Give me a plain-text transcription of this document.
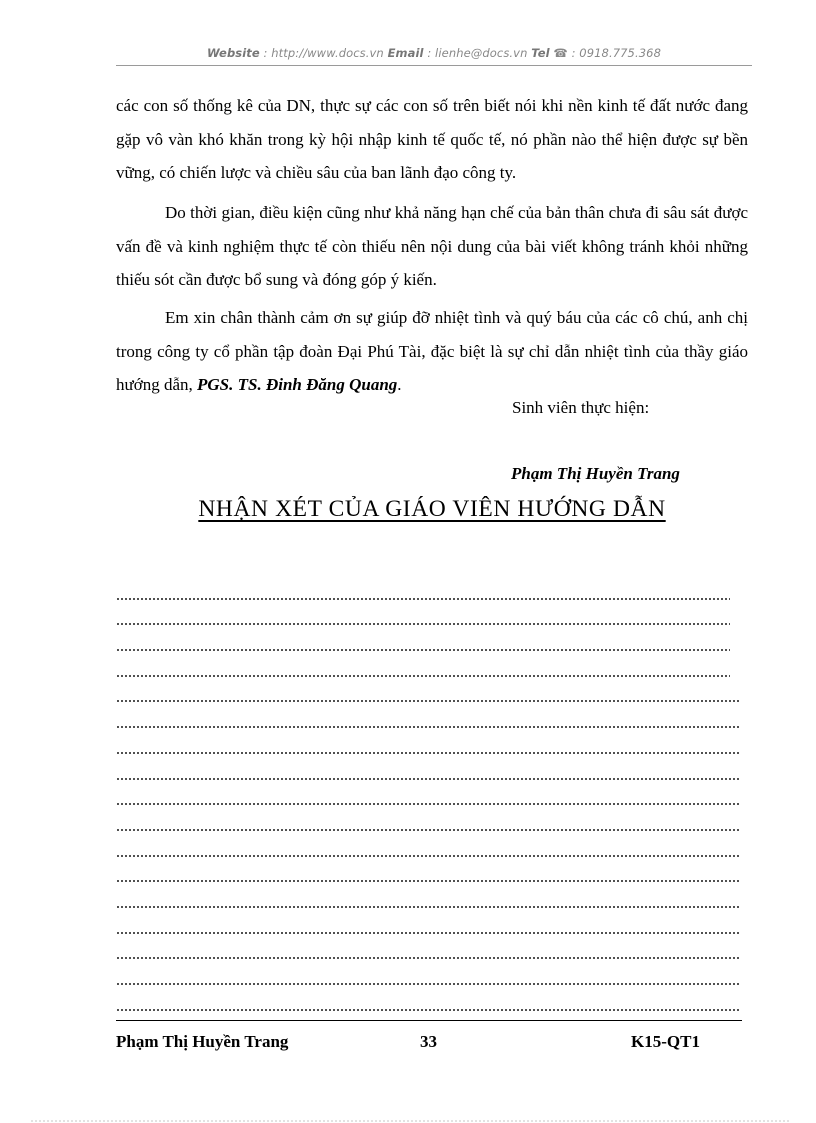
Website : http://www.docs.vn Email : lienhe@docs.vn Tel ☎ : 0918.775.368

các con số thống kê của DN, thực sự các con số trên biết nói khi nền kinh tế đất nước đang gặp vô vàn khó khăn trong kỳ hội nhập kinh tế quốc tế, nó phần nào thể hiện được sự bền vững, có chiến lược và chiều sâu của ban lãnh đạo công ty.

Do thời gian, điều kiện cũng như khả năng hạn chế của bản thân chưa đi sâu sát được vấn đề và kinh nghiệm thực tế còn thiếu nên nội dung của bài viết không tránh khỏi những thiếu sót cần được bổ sung và đóng góp ý kiến.

Em xin chân thành cảm ơn sự giúp đỡ nhiệt tình và quý báu của các cô chú, anh chị trong công ty cổ phần tập đoàn Đại Phú Tài, đặc biệt là sự chỉ dẫn nhiệt tình của thầy giáo hướng dẫn, PGS. TS. Đinh Đăng Quang.

Sinh viên thực hiện:
Phạm Thị Huyền Trang
NHẬN XÉT CỦA GIÁO VIÊN HƯỚNG DẪN
Phạm Thị Huyền Trang	33	K15-QT1
